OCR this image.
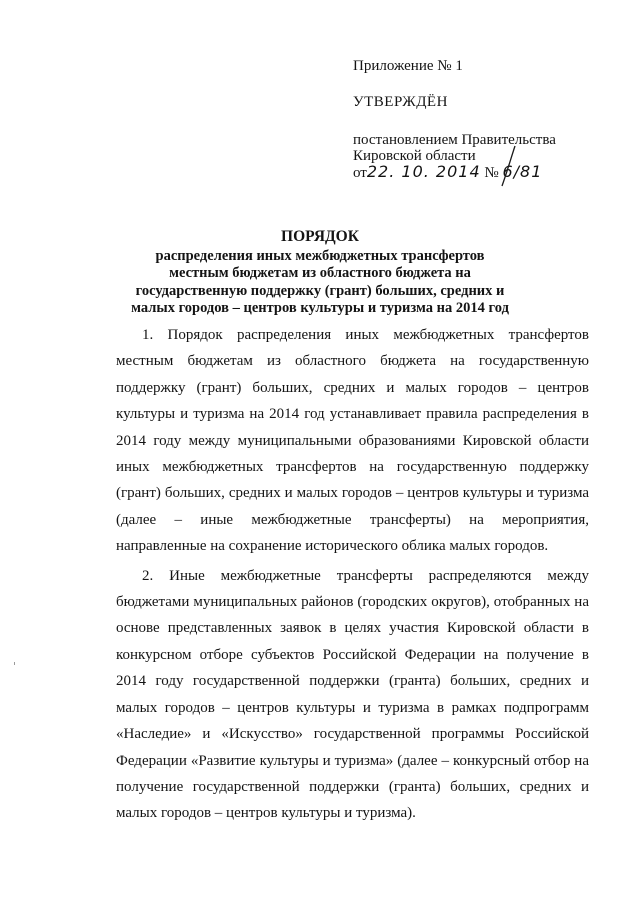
Приложение № 1
УТВЕРЖДЁН
постановлением Правительства
Кировской области
от22. 10. 2014 № 6/81
ПОРЯДОК
распределения иных межбюджетных трансфертов
местным бюджетам из областного бюджета на
государственную поддержку (грант) больших, средних и
малых городов – центров культуры и туризма на 2014 год

1. Порядок распределения иных межбюджетных трансфертов местным бюджетам из областного бюджета на государственную поддержку (грант) больших, средних и малых городов – центров культуры и туризма на 2014 год устанавливает правила распределения в 2014 году между муниципальными образованиями Кировской области иных межбюджетных трансфертов на государственную поддержку (грант) больших, средних и малых городов – центров культуры и туризма (далее – иные межбюджетные трансферты) на мероприятия, направленные на сохранение исторического облика малых городов.

2. Иные межбюджетные трансферты распределяются между бюджетами муниципальных районов (городских округов), отобранных на основе представленных заявок в целях участия Кировской области в конкурсном отборе субъектов Российской Федерации на получение в 2014 году государственной поддержки (гранта) больших, средних и малых городов – центров культуры и туризма в рамках подпрограмм «Наследие» и «Искусство» государственной программы Российской Федерации «Развитие культуры и туризма» (далее – конкурсный отбор на получение государственной поддержки (гранта) больших, средних и малых городов – центров культуры и туризма).
